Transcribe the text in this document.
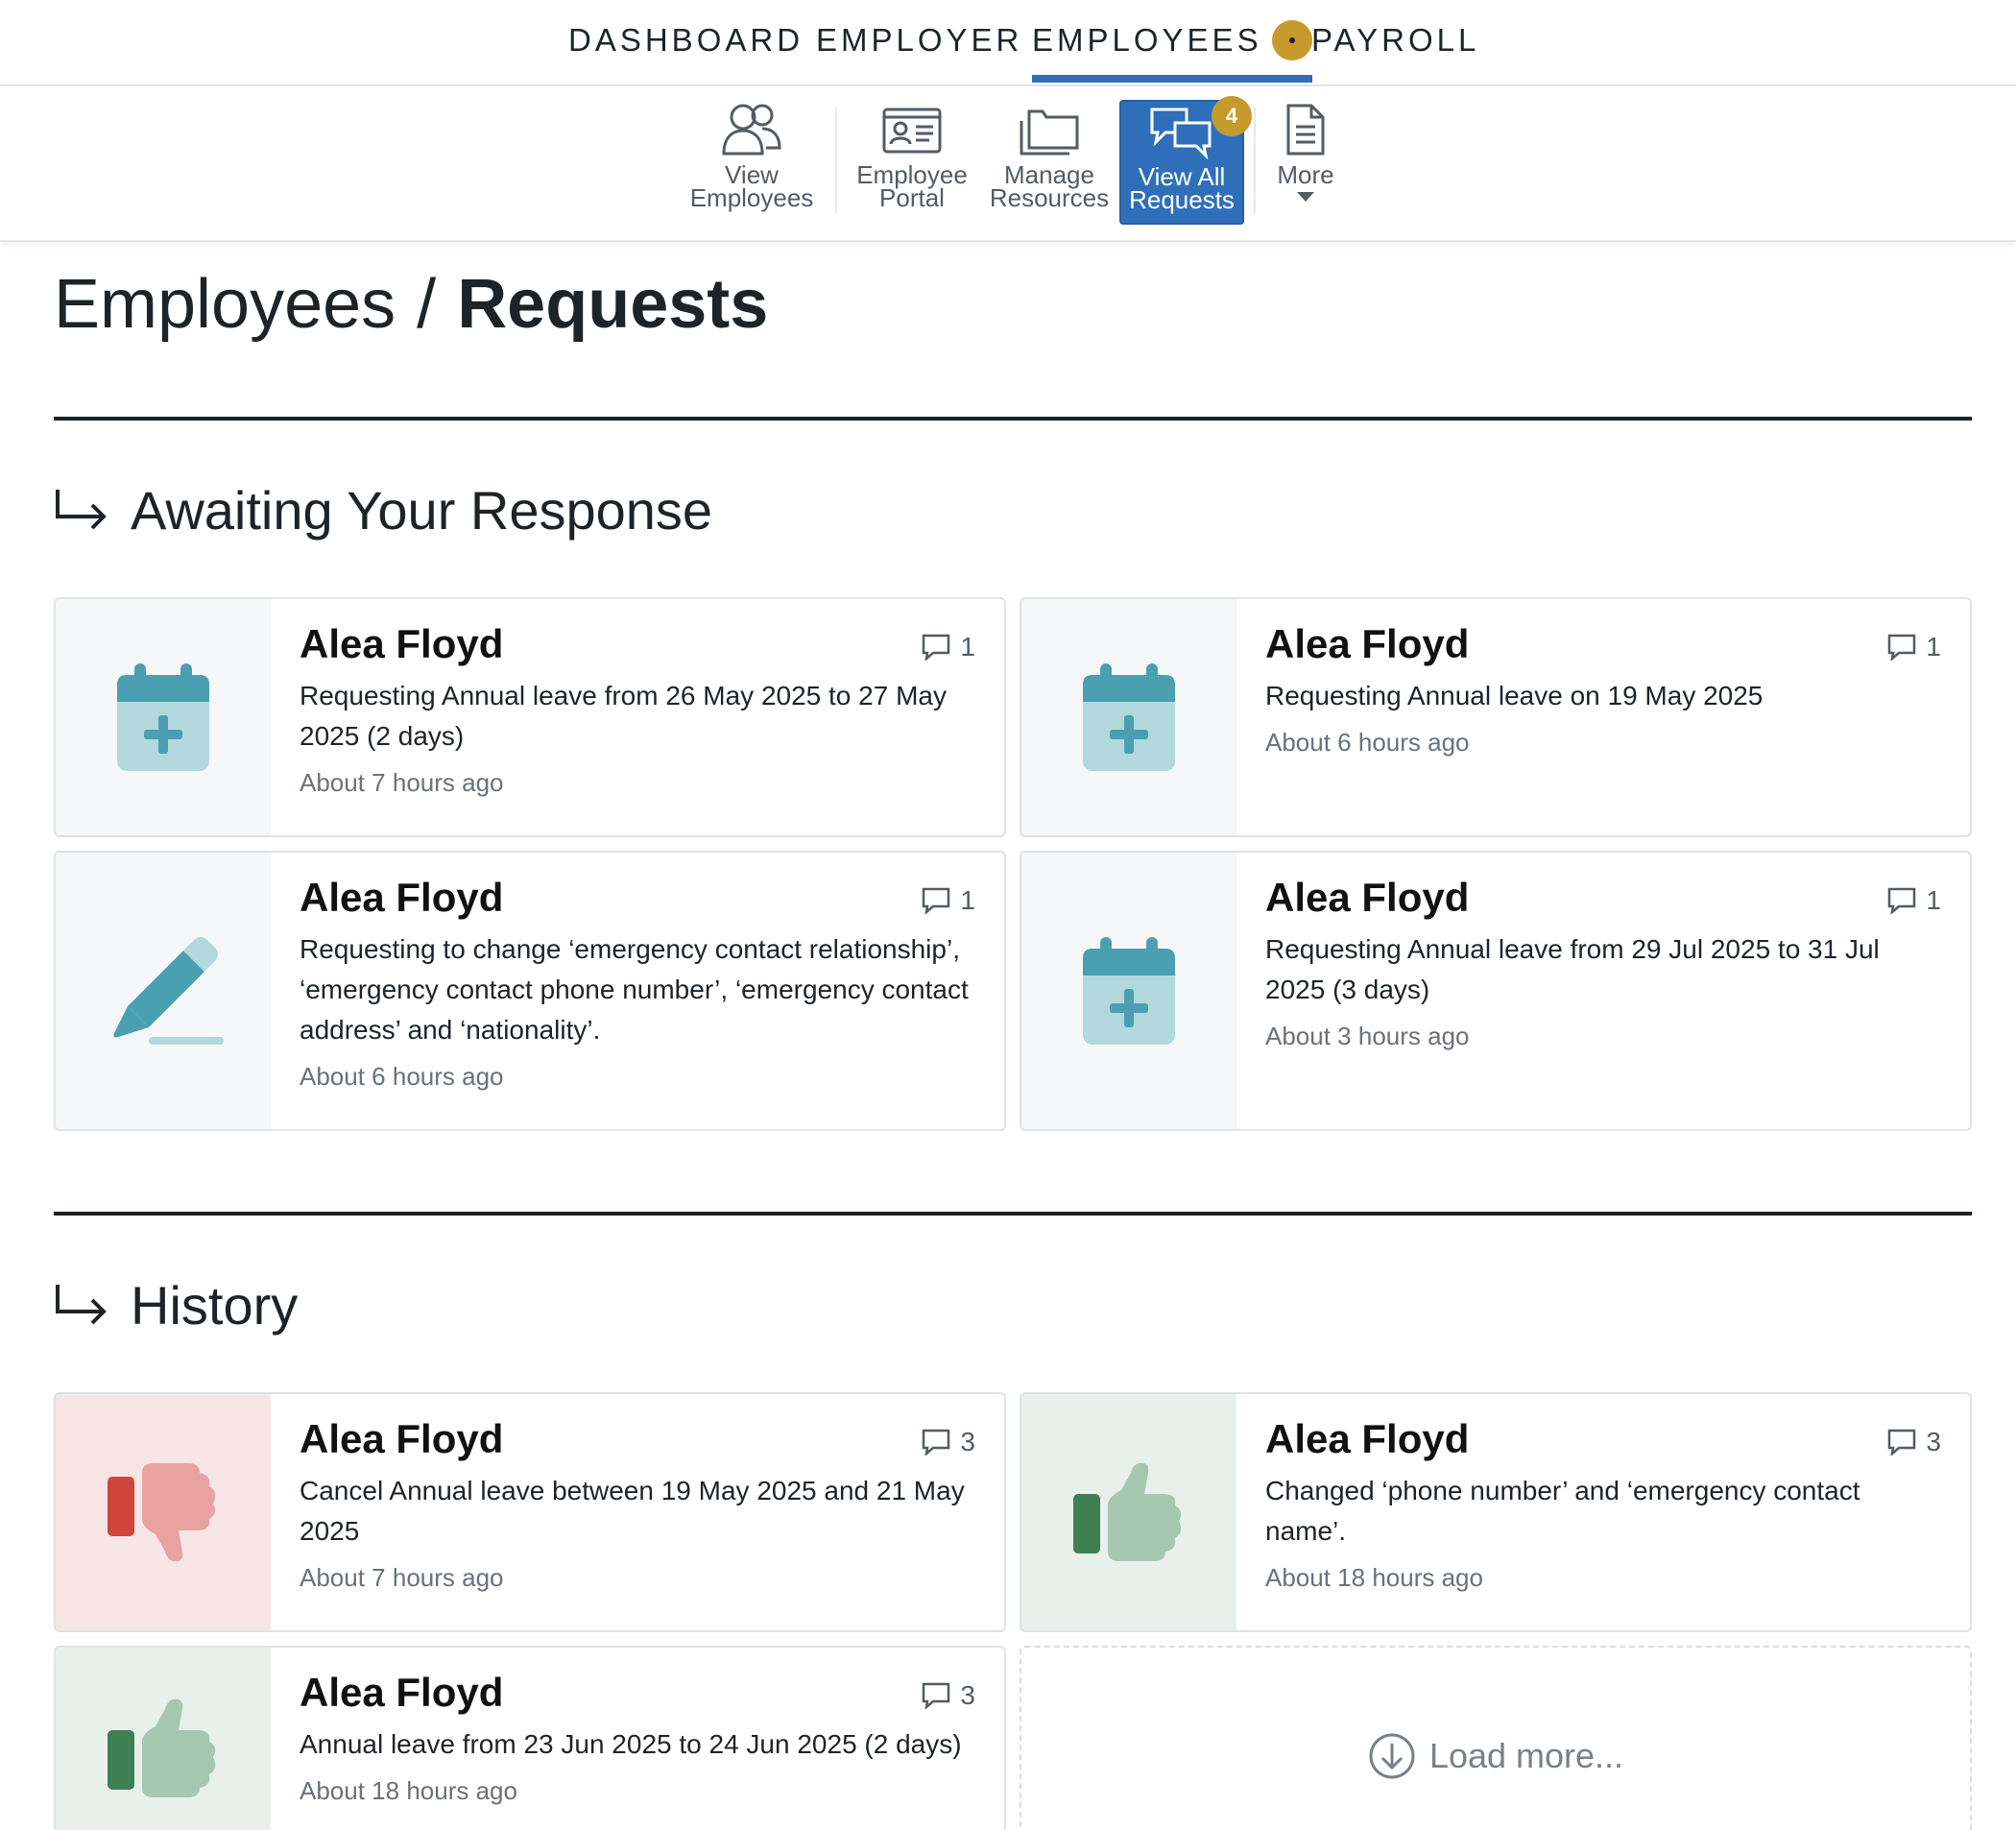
DASHBOARD EMPLOYER EMPLOYEES	PAYROLL
View
Employees
Employee
Portal
Manage
Resources
View All
Requests
4
More
Employees / Requests
Awaiting Your Response
1
Alea Floyd
Requesting Annual leave from 26 May 2025 to 27 May 2025 (2 days)
About 7 hours ago
1
Alea Floyd
Requesting Annual leave on 19 May 2025
About 6 hours ago
1
Alea Floyd
Requesting to change ‘emergency contact relationship’, ‘emergency contact phone number’, ‘emergency contact address’ and ‘nationality’.
About 6 hours ago
1
Alea Floyd
Requesting Annual leave from 29 Jul 2025 to 31 Jul 2025 (3 days)
About 3 hours ago
History
3
Alea Floyd
Cancel Annual leave between 19 May 2025 and 21 May 2025
About 7 hours ago
3
Alea Floyd
Changed ‘phone number’ and ‘emergency contact name’.
About 18 hours ago
3
Alea Floyd
Annual leave from 23 Jun 2025 to 24 Jun 2025 (2 days)
About 18 hours ago
Load more...
